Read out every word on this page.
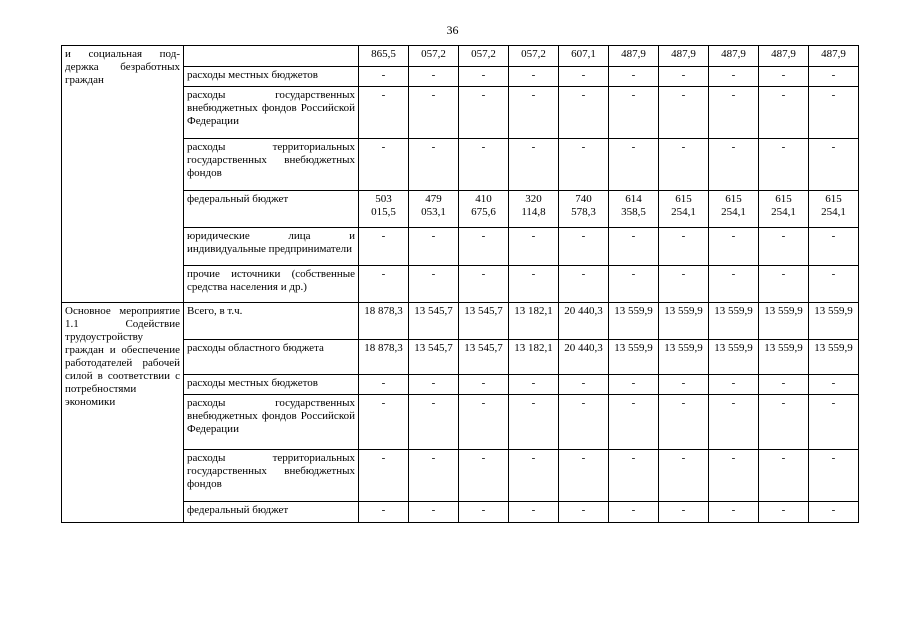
36
и социальная под-держка безработных граждан		865,5	057,2	057,2	057,2	607,1	487,9	487,9	487,9	487,9	487,9
	расходы местных бюджетов	-	-	-	-	-	-	-	-	-	-
	расходы государственных внебюджетных фондов Российской Федерации	-	-	-	-	-	-	-	-	-	-
	расходы территориальных государственных внебюджетных фондов	-	-	-	-	-	-	-	-	-	-
	федеральный бюджет	503 015,5	479 053,1	410 675,6	320 114,8	740 578,3	614 358,5	615 254,1	615 254,1	615 254,1	615 254,1
	юридические лица и индивидуальные предприниматели	-	-	-	-	-	-	-	-	-	-
	прочие источники (собственные средства населения и др.)	-	-	-	-	-	-	-	-	-	-
Основное мероприятие 1.1 Содействие трудоустройству граждан и обеспечение работодателей рабочей силой в соответствии с потребностями экономики	Всего, в т.ч.	18 878,3	13 545,7	13 545,7	13 182,1	20 440,3	13 559,9	13 559,9	13 559,9	13 559,9	13 559,9
	расходы областного бюджета	18 878,3	13 545,7	13 545,7	13 182,1	20 440,3	13 559,9	13 559,9	13 559,9	13 559,9	13 559,9
	расходы местных бюджетов	-	-	-	-	-	-	-	-	-	-
	расходы государственных внебюджетных фондов Российской Федерации	-	-	-	-	-	-	-	-	-	-
	расходы территориальных государственных внебюджетных фондов	-	-	-	-	-	-	-	-	-	-
	федеральный бюджет	-	-	-	-	-	-	-	-	-	-
